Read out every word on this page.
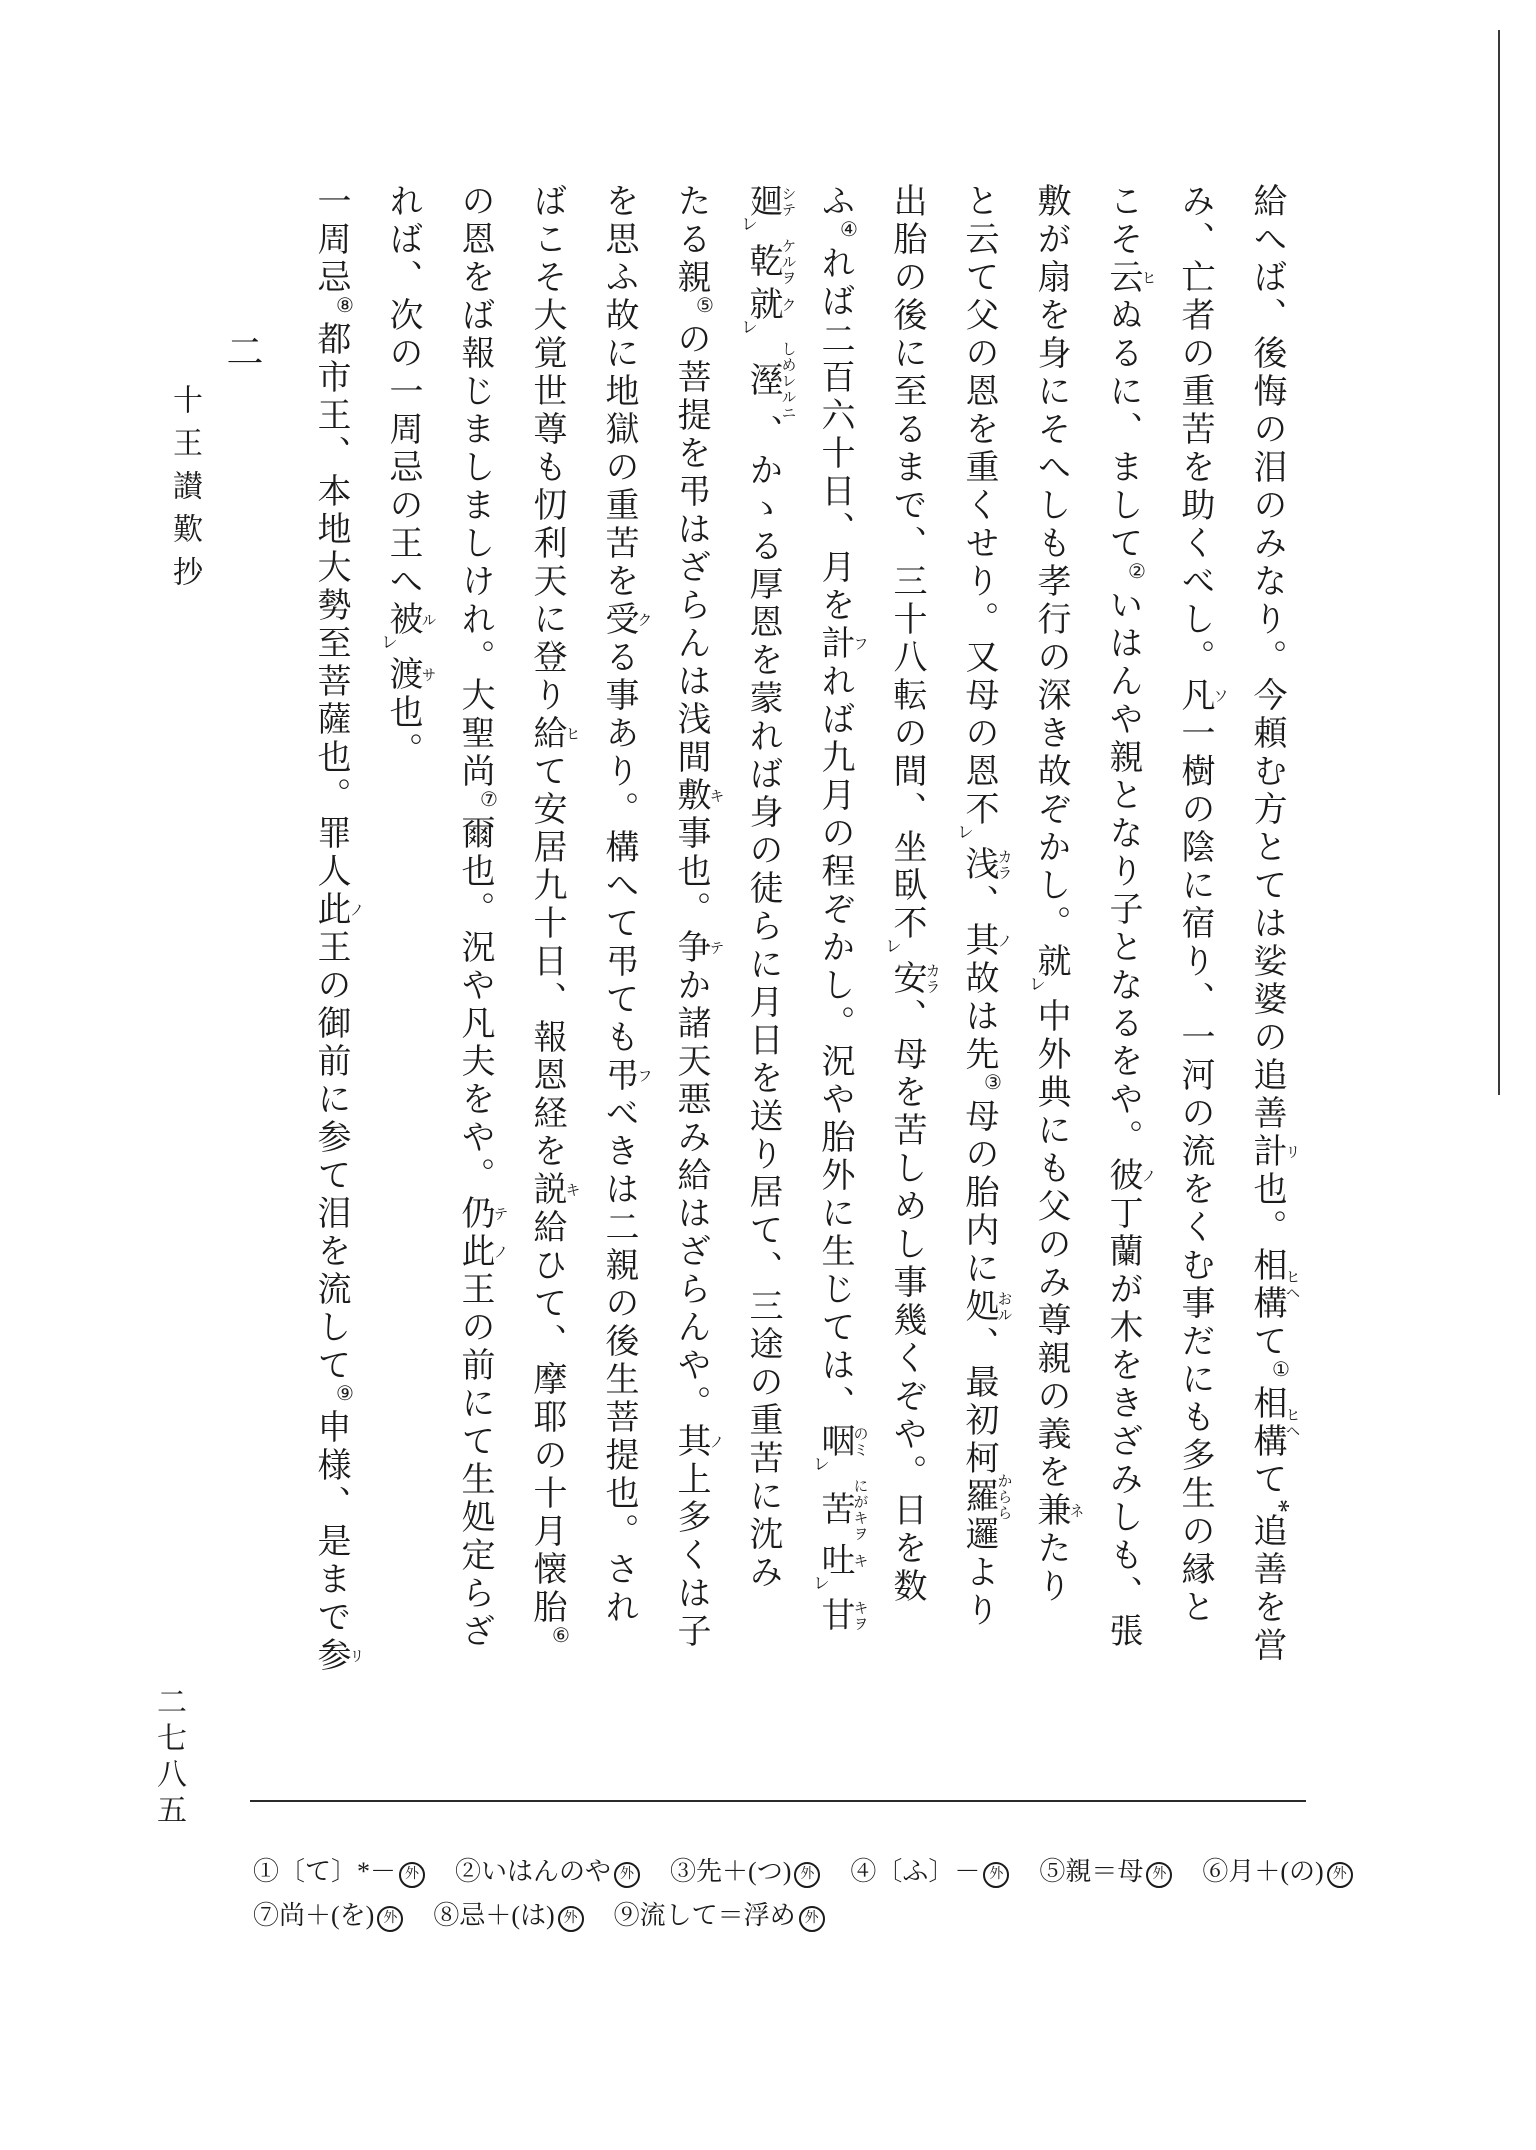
二
十王讃歎抄	給へば、後悔の泪のみなり。今頼む方とては娑婆の追善計リ也。相構ヒヘて①相構ヒヘて*追善を営
み、亡者の重苦を助くべし。凡ソ一樹の陰に宿り、一河の流をくむ事だにも多生の縁と
こそ云ヒぬるに、まして②いはんや親となり子となるをや。彼ノ丁蘭が木をきざみしも、張
敷が扇を身にそへしも孝行の深き故ぞかし。就レ中外典にも父のみ尊親の義を兼ネたり
と云て父の恩を重くせり。又母の恩不レ浅カラ、其ノ故は先③母の胎内に処おル、最初柯羅邏かららより
出胎の後に至るまで、三十八転の間、坐臥不レ安カラ、母を苦しめし事幾くぞや。日を数
ふ④れば二百六十日、月を計フれば九月の程ぞかし。況や胎外に生じては、咽のミレ苦にがキヲ吐キレ甘キヲ
廻シテレ乾ケルヲ就クレ溼しめレルニ、かゝる厚恩を蒙れば身の徒らに月日を送り居て、三途の重苦に沈み
たる親⑤の菩提を弔はざらんは浅間敷キ事也。争テか諸天悪み給はざらんや。其ノ上多くは子
を思ふ故に地獄の重苦を受クる事あり。構へて弔ても弔フべきは二親の後生菩提也。され
ばこそ大覚世尊も忉利天に登り給ヒて安居九十日、報恩経を説キ給ひて、摩耶の十月懐胎⑥
の恩をば報じましましけれ。大聖尚⑦爾也。況や凡夫をや。仍テ此ノ王の前にて生処定らざ
れば、次の一周忌の王へ被ルレ渡サ也。
一周忌⑧都市王、本地大勢至菩薩也。罪人此ノ王の御前に参て泪を流して⑨申様、是まで参リ
二七八五
①〔て〕*－ 外 ②いはんのや 外 ③先＋(つ) 外 ④〔ふ〕－ 外 ⑤親＝母 外 ⑥月＋(の) 外
⑦尚＋(を) 外 ⑧忌＋(は) 外 ⑨流して＝浮め 外
